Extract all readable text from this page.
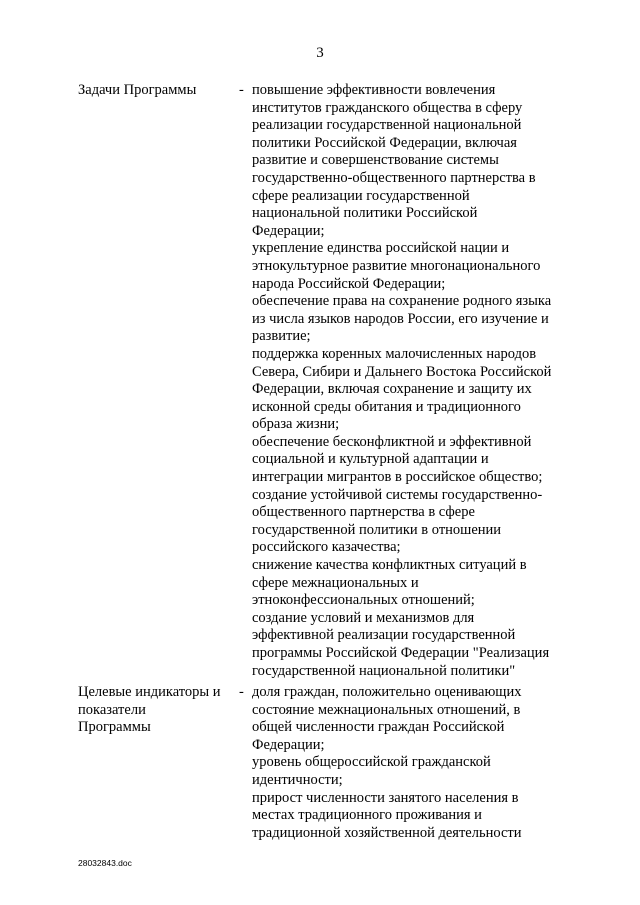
3
Задачи Программы	- повышение эффективности вовлечения
институтов гражданского общества в сферу
реализации государственной национальной
политики Российской Федерации, включая
развитие и совершенствование системы
государственно-общественного партнерства в
сфере реализации государственной
национальной политики Российской
Федерации;
укрепление единства российской нации и
этнокультурное развитие многонационального
народа Российской Федерации;
обеспечение права на сохранение родного языка
из числа языков народов России, его изучение и
развитие;
поддержка коренных малочисленных народов
Севера, Сибири и Дальнего Востока Российской
Федерации, включая сохранение и защиту их
исконной среды обитания и традиционного
образа жизни;
обеспечение бесконфликтной и эффективной
социальной и культурной адаптации и
интеграции мигрантов в российское общество;
создание устойчивой системы государственно-
общественного партнерства в сфере
государственной политики в отношении
российского казачества;
снижение качества конфликтных ситуаций в
сфере межнациональных и
этноконфессиональных отношений;
создание условий и механизмов для
эффективной реализации государственной
программы Российской Федерации "Реализация
государственной национальной политики"
Целевые индикаторы и
показатели
Программы
- доля граждан, положительно оценивающих
состояние межнациональных отношений, в
общей численности граждан Российской
Федерации;
уровень общероссийской гражданской
идентичности;
прирост численности занятого населения в
местах традиционного проживания и
традиционной хозяйственной деятельности
28032843.doc
